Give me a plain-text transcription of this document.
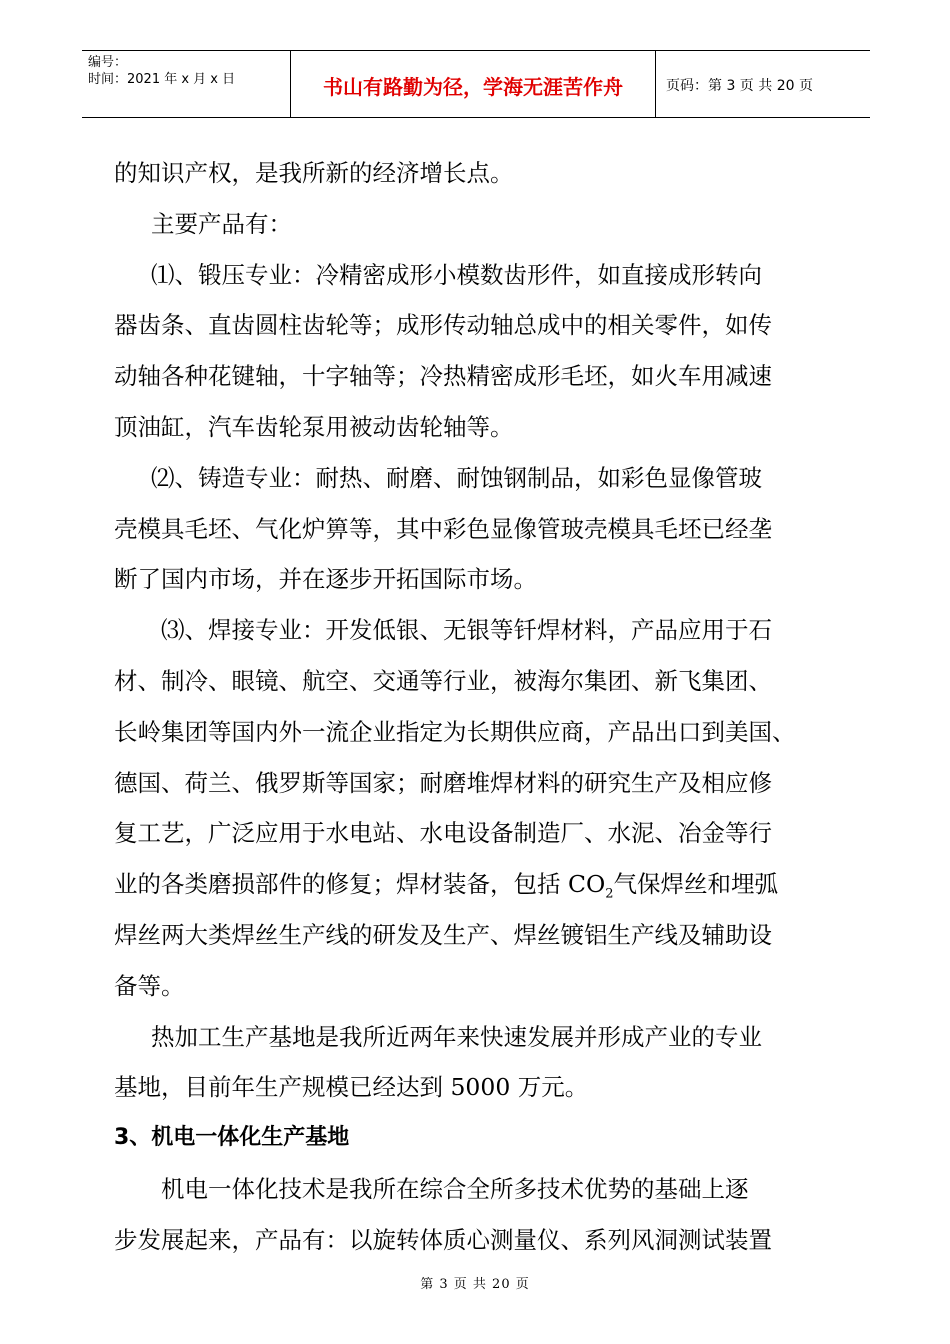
编号：
时间：2021 年 x 月 x 日	书山有路勤为径，学海无涯苦作舟	页码：第 3 页 共 20 页

的知识产权，是我所新的经济增长点。

主要产品有：

⑴、锻压专业：冷精密成形小模数齿形件，如直接成形转向

器齿条、直齿圆柱齿轮等；成形传动轴总成中的相关零件，如传

动轴各种花键轴，十字轴等；冷热精密成形毛坯，如火车用减速

顶油缸，汽车齿轮泵用被动齿轮轴等。

⑵、铸造专业：耐热、耐磨、耐蚀钢制品，如彩色显像管玻

壳模具毛坯、气化炉箅等，其中彩色显像管玻壳模具毛坯已经垄

断了国内市场，并在逐步开拓国际市场。

⑶、焊接专业：开发低银、无银等钎焊材料，产品应用于石

材、制冷、眼镜、航空、交通等行业，被海尔集团、新飞集团、

长岭集团等国内外一流企业指定为长期供应商，产品出口到美国、

德国、荷兰、俄罗斯等国家；耐磨堆焊材料的研究生产及相应修

复工艺，广泛应用于水电站、水电设备制造厂、水泥、冶金等行

业的各类磨损部件的修复；焊材装备，包括 $CO_2$气保焊丝和埋弧

焊丝两大类焊丝生产线的研发及生产、焊丝镀铝生产线及辅助设

备等。

热加工生产基地是我所近两年来快速发展并形成产业的专业

基地，目前年生产规模已经达到 5000 万元。

3、机电一体化生产基地

机电一体化技术是我所在综合全所多技术优势的基础上逐

步发展起来，产品有：以旋转体质心测量仪、系列风洞测试装置

第 3 页 共 20 页
